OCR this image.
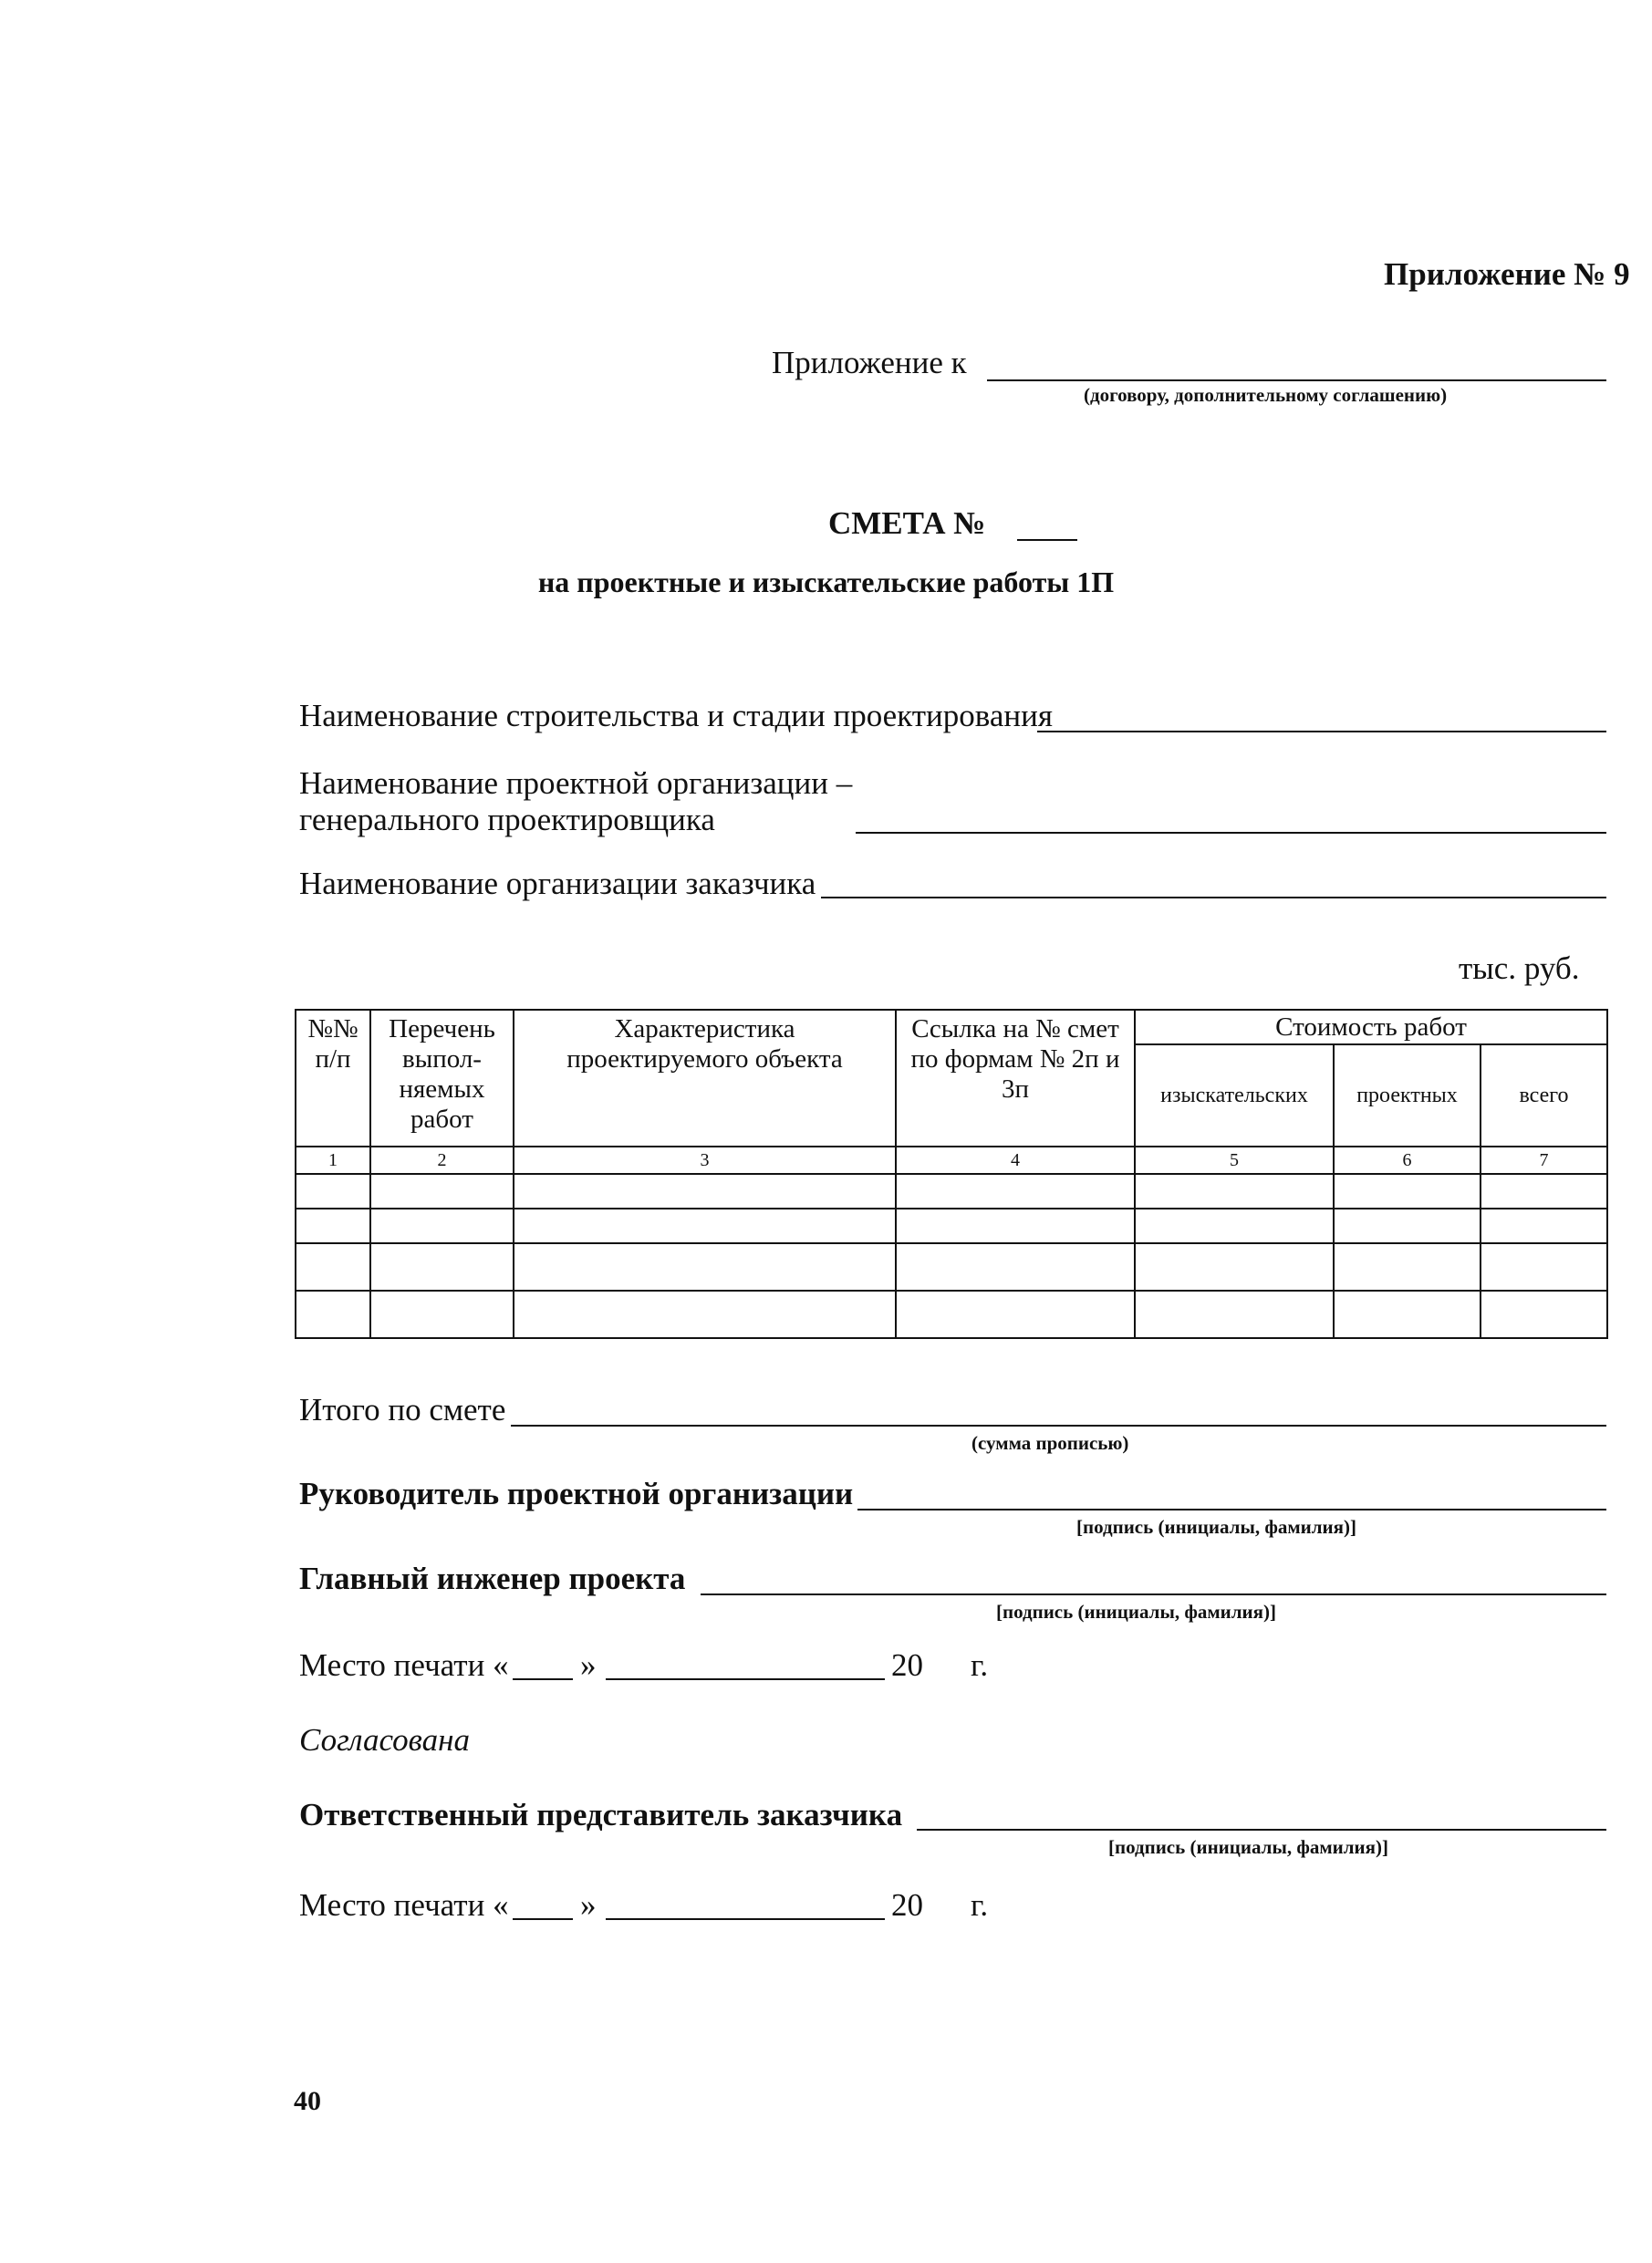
Приложение № 9
Приложение к
(договору, дополнительному соглашению)
СМЕТА №
на проектные и изыскательские работы 1П
Наименование строительства и стадии проектирования
Наименование проектной организации –
генерального проектировщика
Наименование организации заказчика
тыс. руб.
№№ п/п	Перечень выпол- няемых работ	Характеристика проектируемого объекта	Ссылка на № смет по формам № 2п и 3п	Стоимость работ		
				изыскательских	проектных	всего
1	2	3	4	5	6	7

Итого по смете
(сумма прописью)
Руководитель проектной организации
[подпись (инициалы, фамилия)]
Главный инженер проекта
[подпись (инициалы, фамилия)]
Место печати « »	20 г.
Согласована
Ответственный представитель заказчика
[подпись (инициалы, фамилия)]
Место печати « »	20 г.
40
